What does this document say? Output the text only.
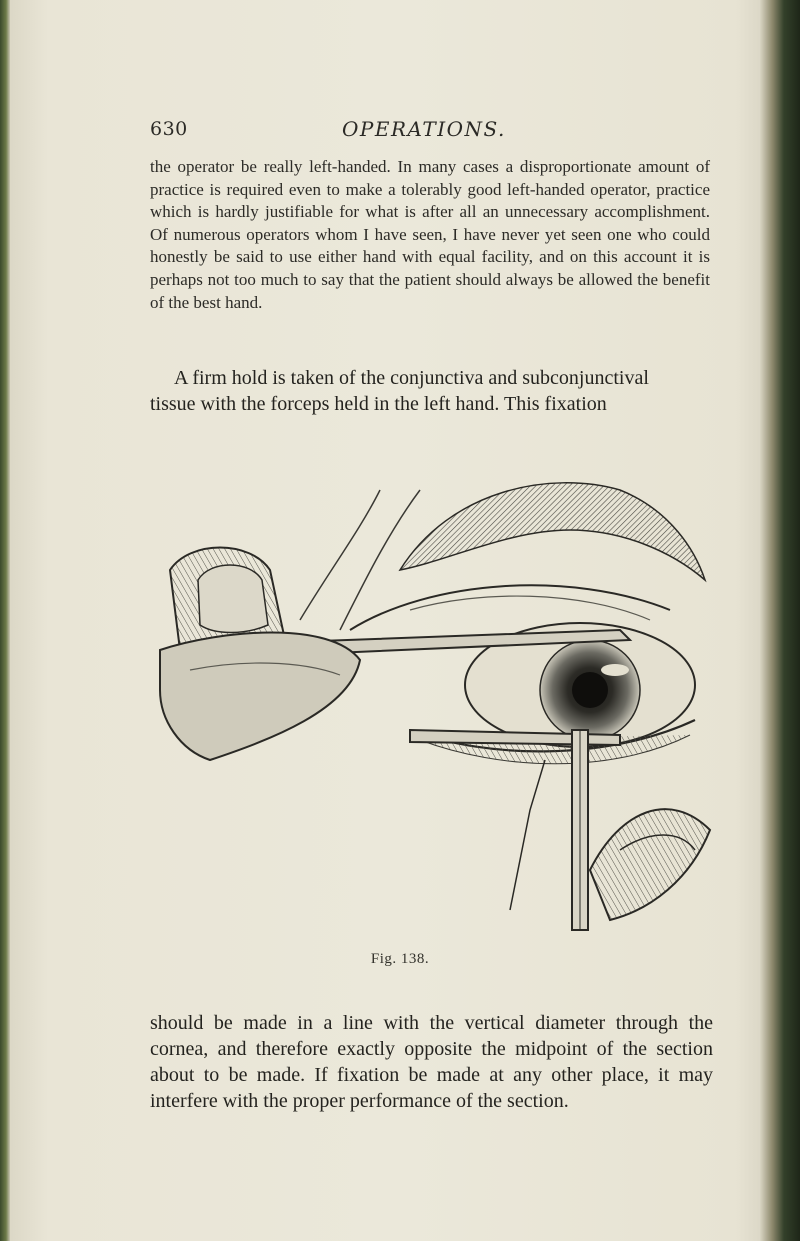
630	OPERATIONS.

the operator be really left-handed. In many cases a disproportionate amount of practice is required even to make a tolerably good left-handed operator, practice which is hardly justifiable for what is after all an unnecessary accomplishment. Of numerous operators whom I have seen, I have never yet seen one who could honestly be said to use either hand with equal facility, and on this account it is perhaps not too much to say that the patient should always be allowed the benefit of the best hand.

A firm hold is taken of the conjunctiva and subconjunctival
tissue with the forceps held in the left hand. This fixation
Fig. 138.

should be made in a line with the vertical diameter through the cornea, and therefore exactly opposite the midpoint of the section about to be made. If fixation be made at any other place, it may interfere with the proper performance of the section.
